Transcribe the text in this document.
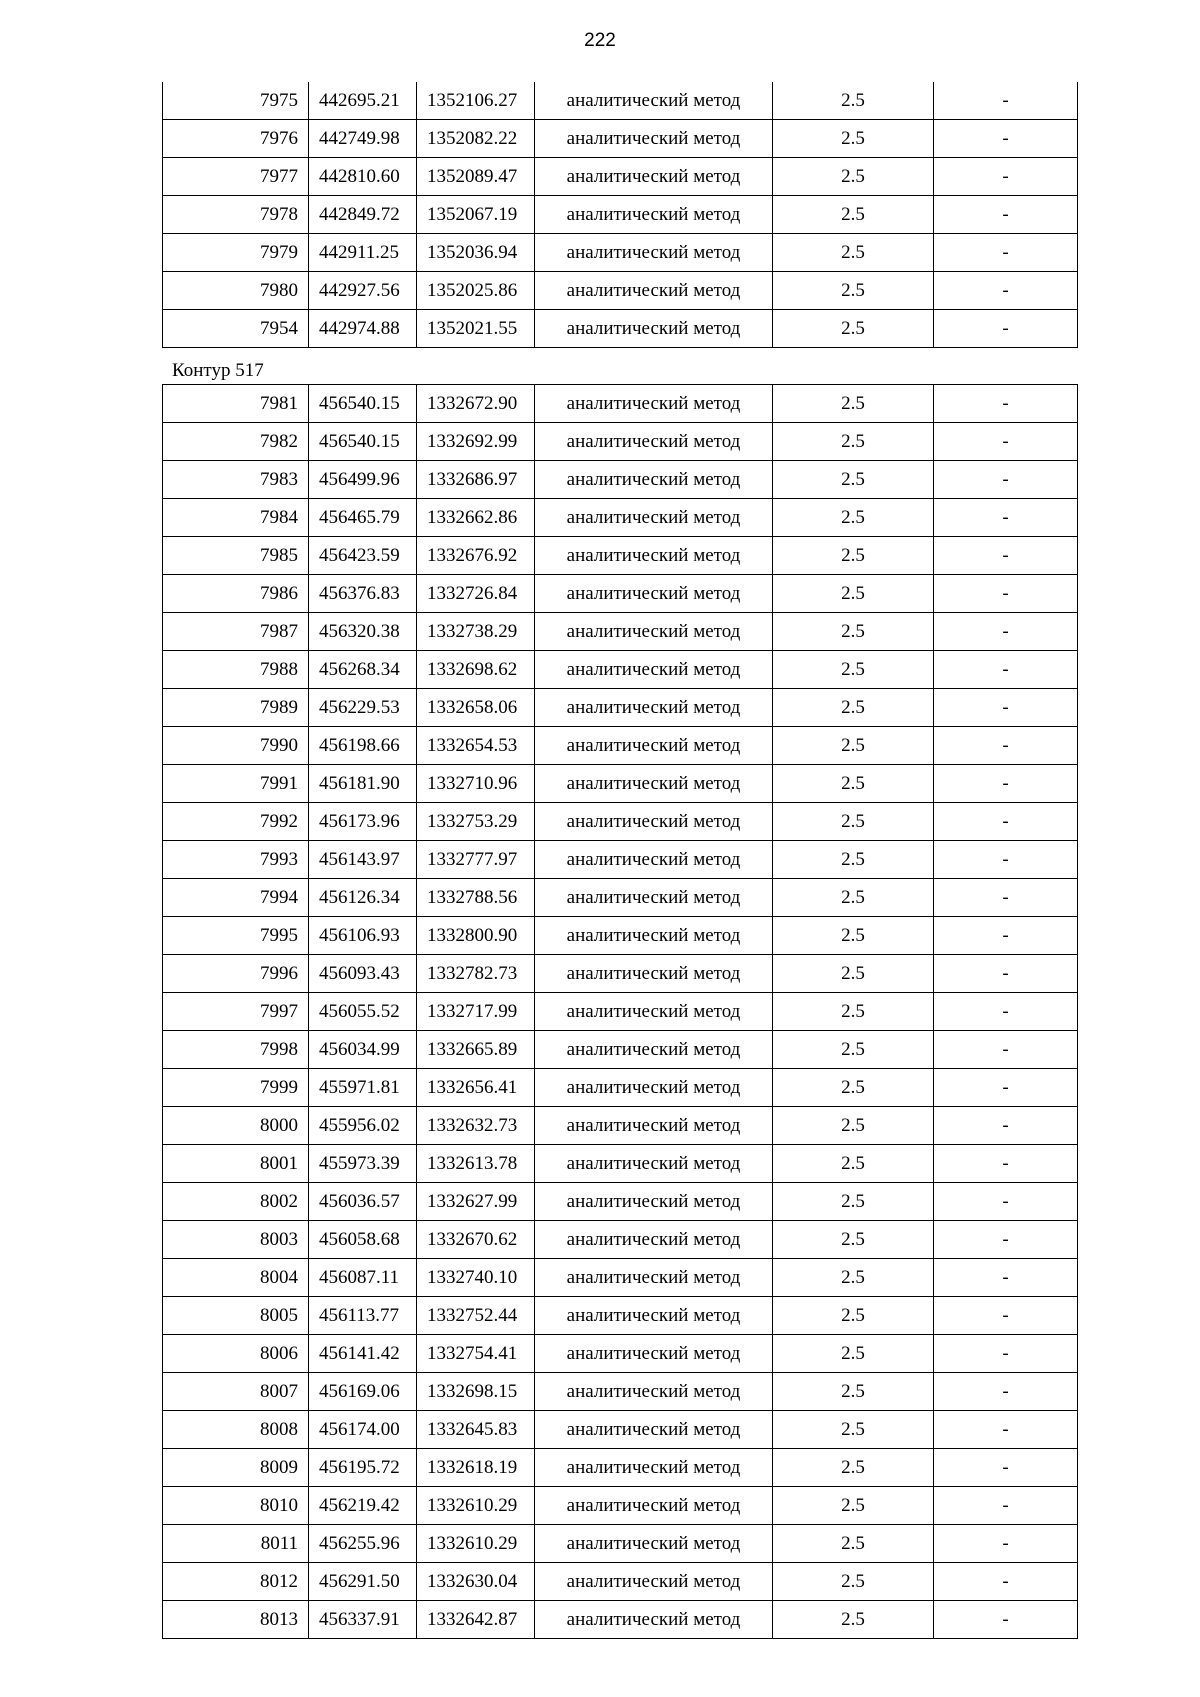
222
7975	442695.21	1352106.27	аналитический метод	2.5	-
7976	442749.98	1352082.22	аналитический метод	2.5	-
7977	442810.60	1352089.47	аналитический метод	2.5	-
7978	442849.72	1352067.19	аналитический метод	2.5	-
7979	442911.25	1352036.94	аналитический метод	2.5	-
7980	442927.56	1352025.86	аналитический метод	2.5	-
7954	442974.88	1352021.55	аналитический метод	2.5	-
Контур 517
7981	456540.15	1332672.90	аналитический метод	2.5	-
7982	456540.15	1332692.99	аналитический метод	2.5	-
7983	456499.96	1332686.97	аналитический метод	2.5	-
7984	456465.79	1332662.86	аналитический метод	2.5	-
7985	456423.59	1332676.92	аналитический метод	2.5	-
7986	456376.83	1332726.84	аналитический метод	2.5	-
7987	456320.38	1332738.29	аналитический метод	2.5	-
7988	456268.34	1332698.62	аналитический метод	2.5	-
7989	456229.53	1332658.06	аналитический метод	2.5	-
7990	456198.66	1332654.53	аналитический метод	2.5	-
7991	456181.90	1332710.96	аналитический метод	2.5	-
7992	456173.96	1332753.29	аналитический метод	2.5	-
7993	456143.97	1332777.97	аналитический метод	2.5	-
7994	456126.34	1332788.56	аналитический метод	2.5	-
7995	456106.93	1332800.90	аналитический метод	2.5	-
7996	456093.43	1332782.73	аналитический метод	2.5	-
7997	456055.52	1332717.99	аналитический метод	2.5	-
7998	456034.99	1332665.89	аналитический метод	2.5	-
7999	455971.81	1332656.41	аналитический метод	2.5	-
8000	455956.02	1332632.73	аналитический метод	2.5	-
8001	455973.39	1332613.78	аналитический метод	2.5	-
8002	456036.57	1332627.99	аналитический метод	2.5	-
8003	456058.68	1332670.62	аналитический метод	2.5	-
8004	456087.11	1332740.10	аналитический метод	2.5	-
8005	456113.77	1332752.44	аналитический метод	2.5	-
8006	456141.42	1332754.41	аналитический метод	2.5	-
8007	456169.06	1332698.15	аналитический метод	2.5	-
8008	456174.00	1332645.83	аналитический метод	2.5	-
8009	456195.72	1332618.19	аналитический метод	2.5	-
8010	456219.42	1332610.29	аналитический метод	2.5	-
8011	456255.96	1332610.29	аналитический метод	2.5	-
8012	456291.50	1332630.04	аналитический метод	2.5	-
8013	456337.91	1332642.87	аналитический метод	2.5	-
